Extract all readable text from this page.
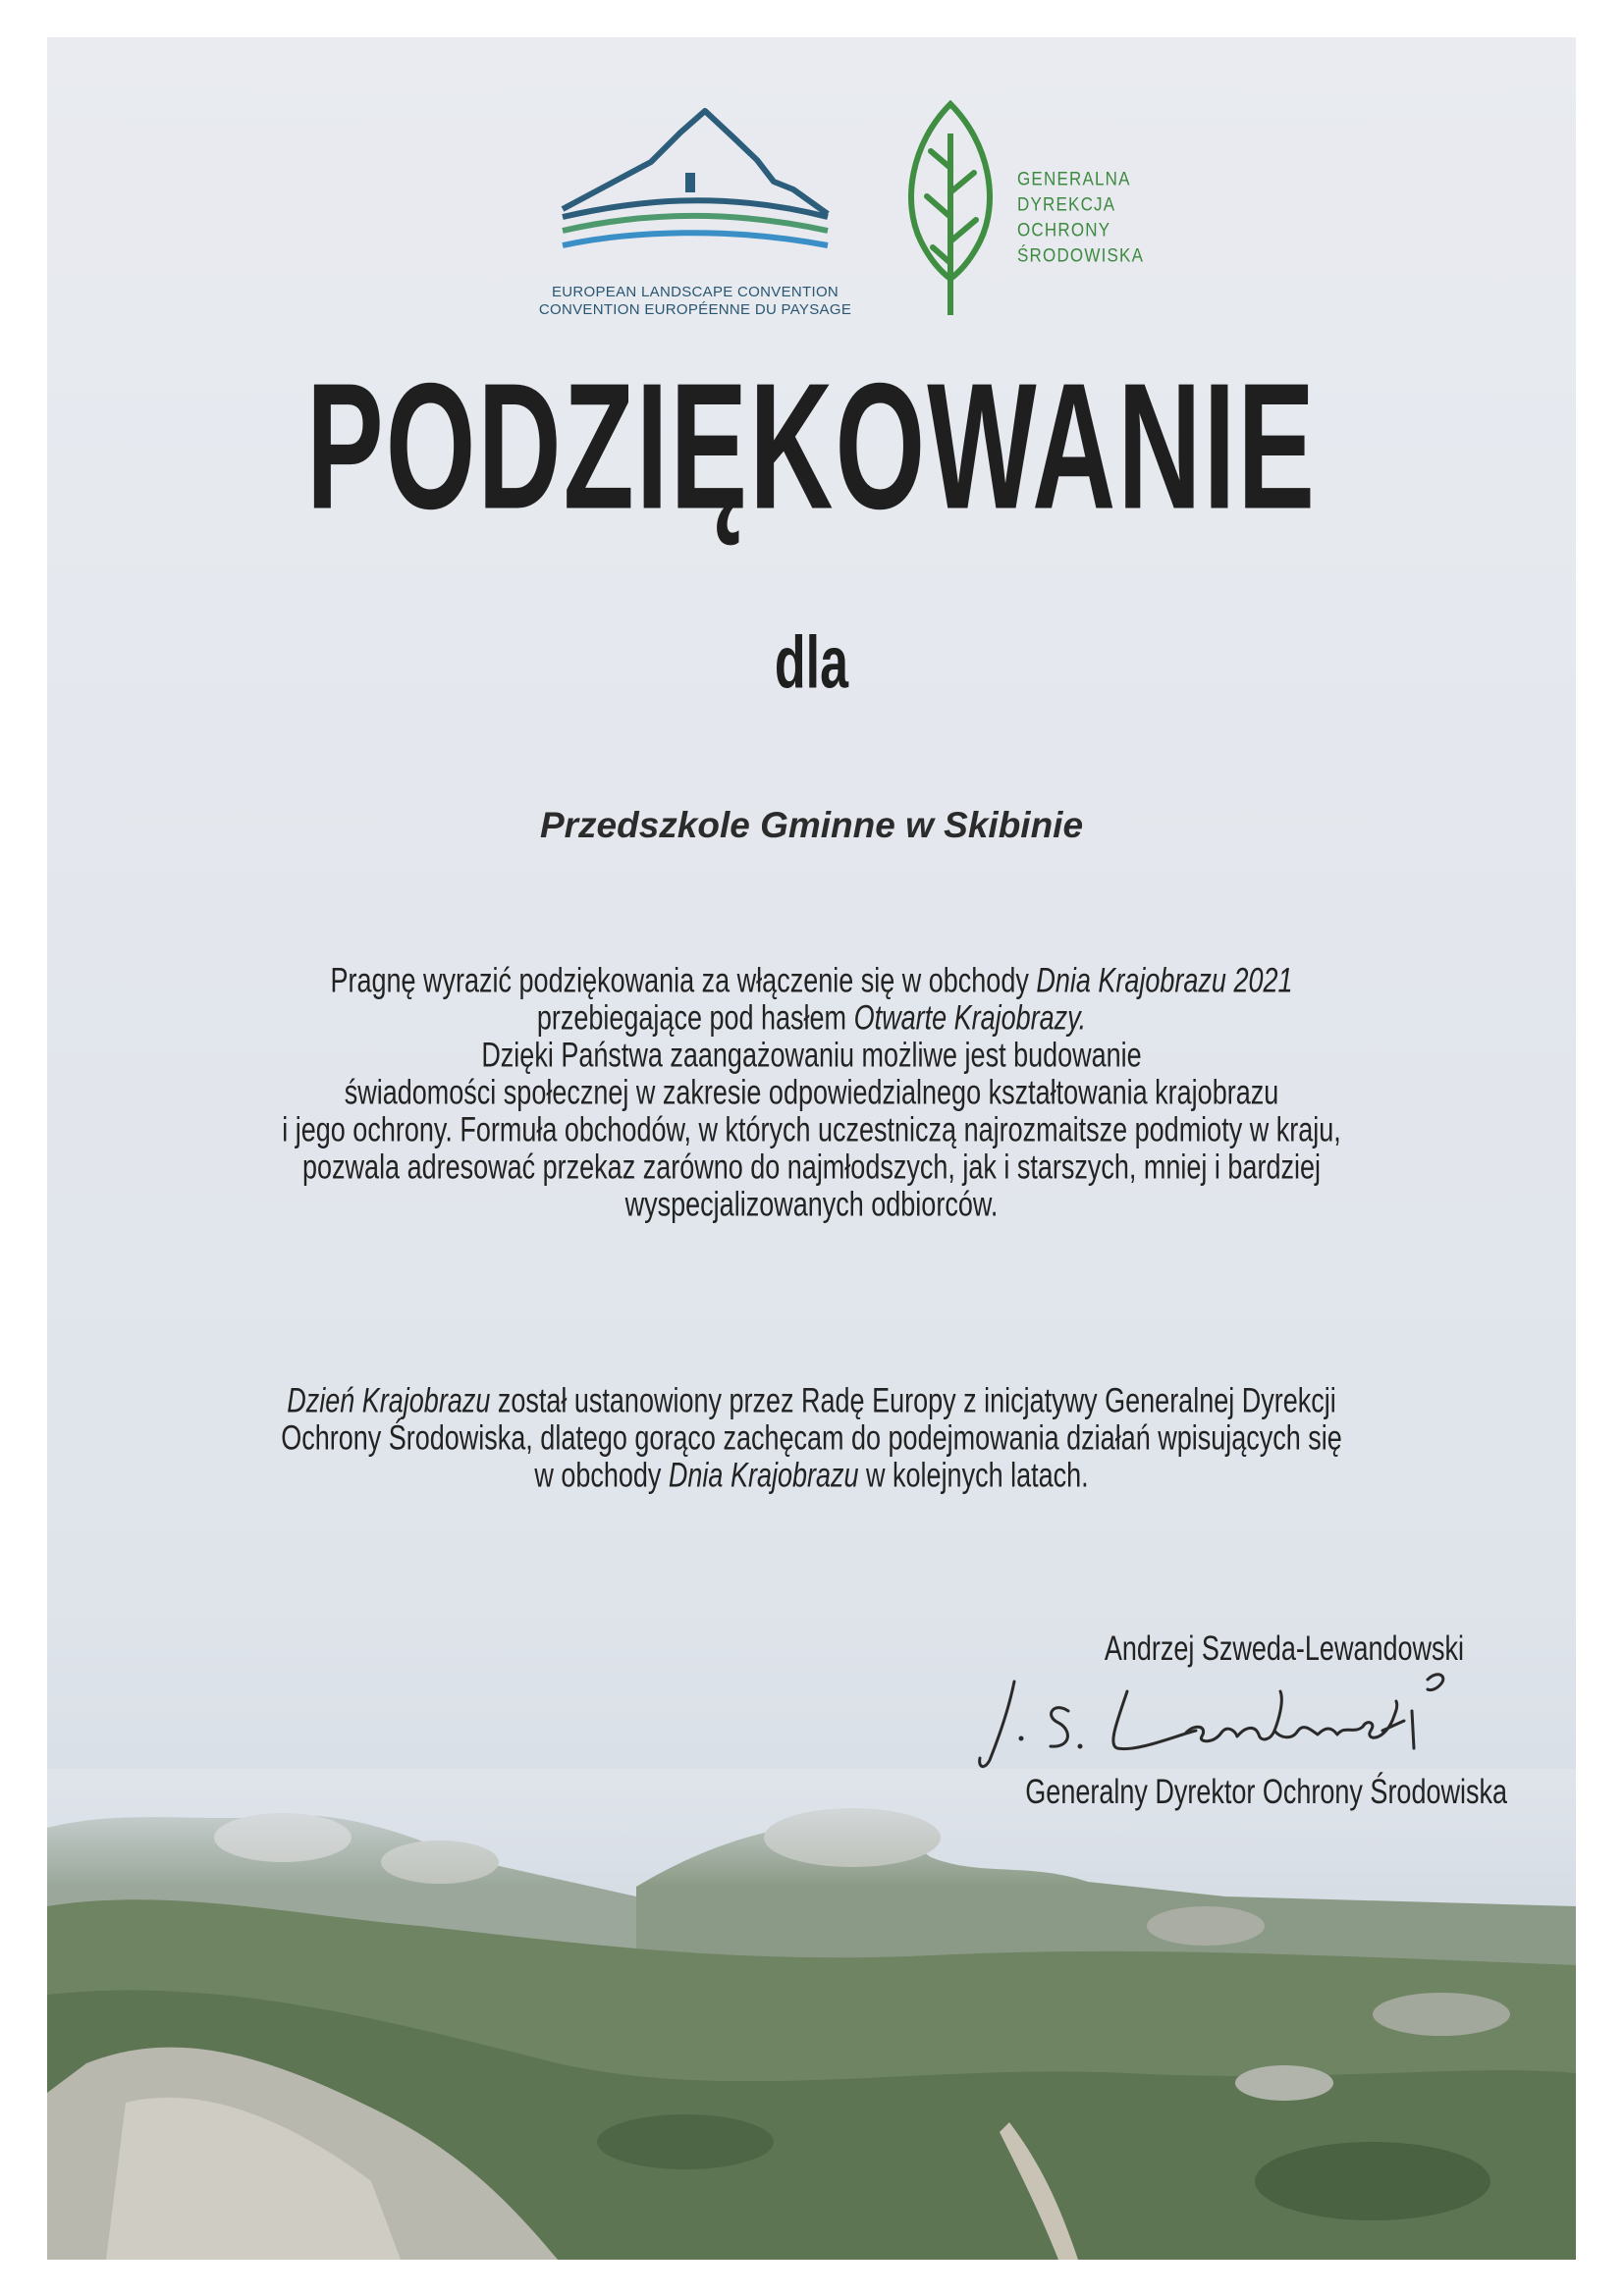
EUROPEAN LANDSCAPE CONVENTION
CONVENTION EUROPÉENNE DU PAYSAGE
GENERALNA
DYREKCJA
OCHRONY
ŚRODOWISKA
PODZIĘKOWANIE
dla
Przedszkole Gminne w Skibinie
Pragnę wyrazić podziękowania za włączenie się w obchody Dnia Krajobrazu 2021
przebiegające pod hasłem Otwarte Krajobrazy.
Dzięki Państwa zaangażowaniu możliwe jest budowanie
świadomości społecznej w zakresie odpowiedzialnego kształtowania krajobrazu
i jego ochrony. Formuła obchodów, w których uczestniczą najrozmaitsze podmioty w kraju,
pozwala adresować przekaz zarówno do najmłodszych, jak i starszych, mniej i bardziej
wyspecjalizowanych odbiorców.
Dzień Krajobrazu został ustanowiony przez Radę Europy z inicjatywy Generalnej Dyrekcji
Ochrony Środowiska, dlatego gorąco zachęcam do podejmowania działań wpisujących się
w obchody Dnia Krajobrazu w kolejnych latach.
Andrzej Szweda-Lewandowski
Generalny Dyrektor Ochrony Środowiska
